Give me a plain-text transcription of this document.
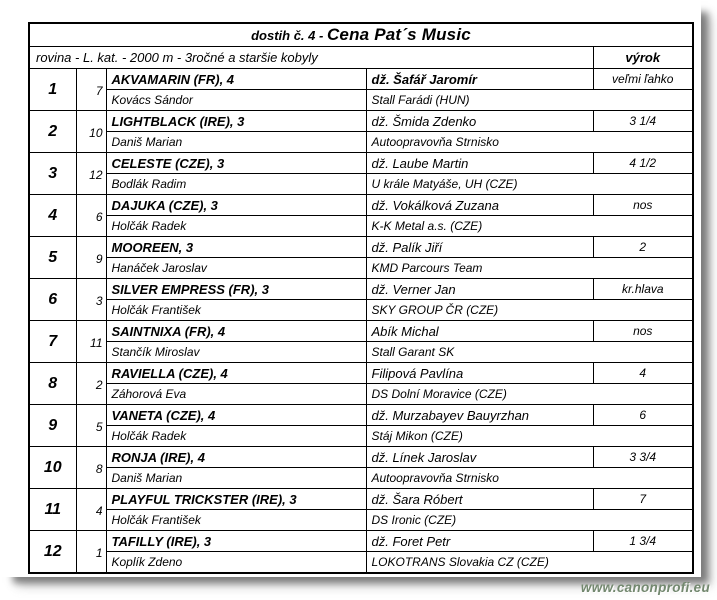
dostih č. 4 - Cena Pat´s Music				
rovina - L. kat. - 2000 m - 3ročné a staršie kobyly				výrok
1	7	AKVAMARIN (FR), 4	dž. Šafář Jaromír	veľmi ľahko
		Kovács Sándor	Stall Farádi (HUN)	
2	10	LIGHTBLACK (IRE), 3	dž. Šmida Zdenko	3 1/4
		Daniš Marian	Autoopravovňa Strnisko	
3	12	CELESTE (CZE), 3	dž. Laube Martin	4 1/2
		Bodlák Radim	U krále Matyáše, UH (CZE)	
4	6	DAJUKA (CZE), 3	dž. Vokálková Zuzana	nos
		Holčák Radek	K-K Metal a.s. (CZE)	
5	9	MOOREEN, 3	dž. Palík Jiří	2
		Hanáček Jaroslav	KMD Parcours Team	
6	3	SILVER EMPRESS (FR), 3	dž. Verner Jan	kr.hlava
		Holčák František	SKY GROUP ČR (CZE)	
7	11	SAINTNIXA (FR), 4	Abík Michal	nos
		Stančík Miroslav	Stall Garant SK	
8	2	RAVIELLA (CZE), 4	Filipová Pavlína	4
		Záhorová Eva	DS Dolní Moravice (CZE)	
9	5	VANETA (CZE), 4	dž. Murzabayev Bauyrzhan	6
		Holčák Radek	Stáj Mikon (CZE)	
10	8	RONJA (IRE), 4	dž. Línek Jaroslav	3 3/4
		Daniš Marian	Autoopravovňa Strnisko	
11	4	PLAYFUL TRICKSTER (IRE), 3	dž. Šara Róbert	7
		Holčák František	DS Ironic (CZE)	
12	1	TAFILLY (IRE), 3	dž. Foret Petr	1 3/4
		Koplík Zdeno	LOKOTRANS Slovakia CZ (CZE)	
www.canonprofi.eu
